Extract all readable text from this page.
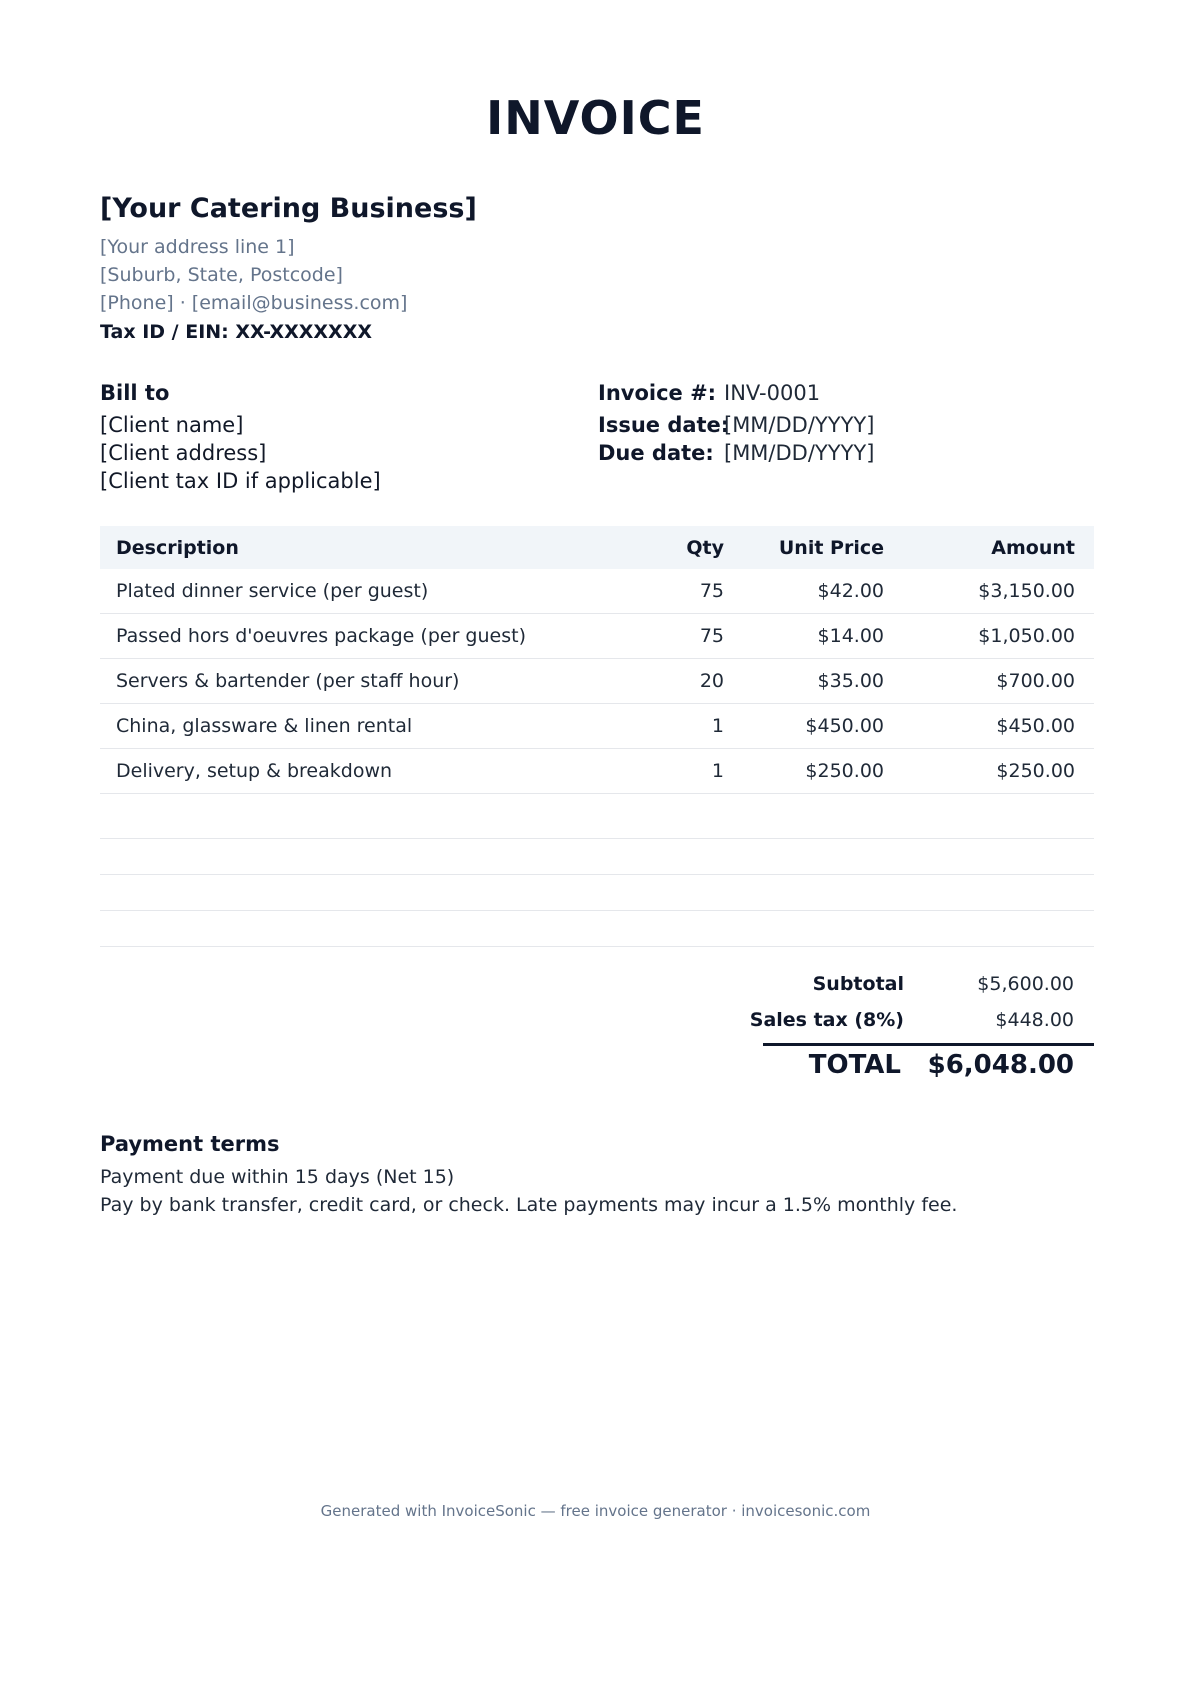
INVOICE
[Your Catering Business]
[Your address line 1]
[Suburb, State, Postcode]
[Phone] · [email@business.com]
Tax ID / EIN: XX-XXXXXXX
Bill to
[Client name]
[Client address]
[Client tax ID if applicable]
Invoice #: INV-0001
Issue date:
[MM/DD/YYYY]
Due date: [MM/DD/YYYY]
Description	Qty	Unit Price	Amount
Plated dinner service (per guest)	75	$42.00	$3,150.00
Passed hors d'oeuvres package (per guest)	75	$14.00	$1,050.00
Servers & bartender (per staff hour)	20	$35.00	$700.00
China, glassware & linen rental	1	$450.00	$450.00
Delivery, setup & breakdown	1	$250.00	$250.00
Subtotal	$5,600.00
Sales tax (8%)	$448.00
TOTAL $6,048.00
Payment terms
Payment due within 15 days (Net 15)
Pay by bank transfer, credit card, or check. Late payments may incur a 1.5% monthly fee.
Generated with InvoiceSonic — free invoice generator · invoicesonic.com
